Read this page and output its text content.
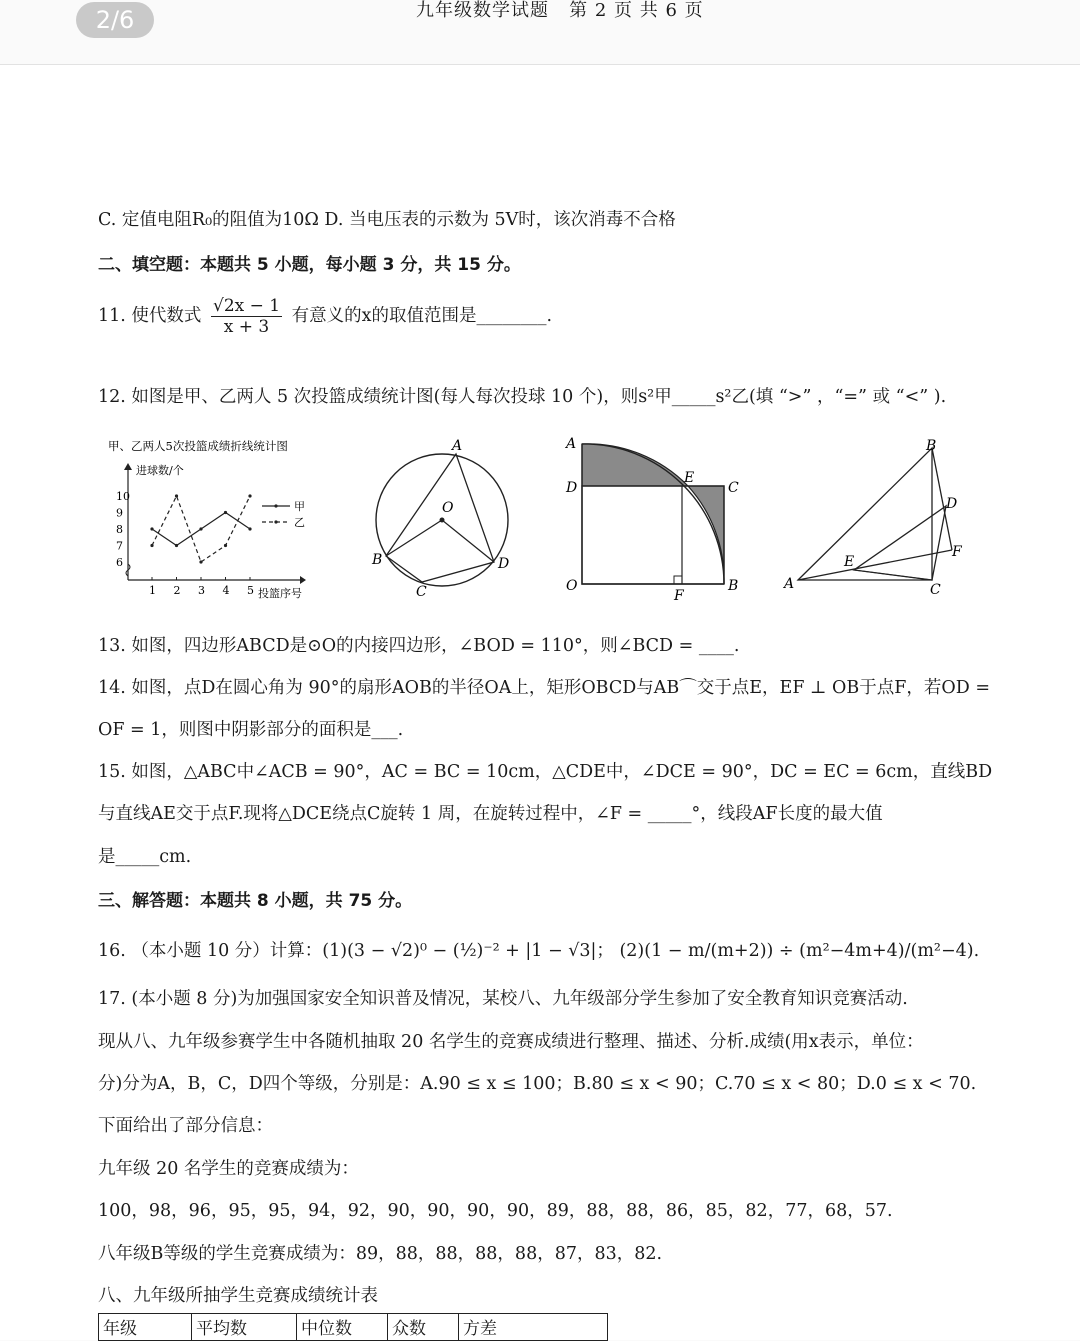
2/6	九年级数学试题   第 2 页 共 6 页
C. 定值电阻R₀的阻值为10Ω D. 当电压表的示数为 5V时，该次消毒不合格
二、填空题：本题共 5 小题，每小题 3 分，共 15 分。
11. 使代数式 $\frac{√2x - 1}{x + 3}$ 有意义的x的取值范围是________.
12. 如图是甲、乙两人 5 次投篮成绩统计图(每人每次投球 10 个)，则s²甲_____s²乙(填 “>” ，“=” 或 “<” ).
甲、乙两人5次投篮成绩折线统计图
进球数/个
投篮序号
6
7
8
9
10
1 2 3 4 5
甲
乙
A
O
B
C
D
A
E
C
D
O
F
B
B
D
F
E
A	C
13. 如图，四边形ABCD是⊙O的内接四边形，∠BOD = 110°，则∠BCD = ____.
14. 如图，点D在圆心角为 90°的扇形AOB的半径OA上，矩形OBCD与AB⌒交于点E，EF ⊥ OB于点F，若OD =
OF = 1，则图中阴影部分的面积是___.
15. 如图，△ABC中∠ACB = 90°，AC = BC = 10cm，△CDE中，∠DCE = 90°，DC = EC = 6cm，直线BD
与直线AE交于点F.现将△DCE绕点C旋转 1 周，在旋转过程中，∠F = _____°，线段AF长度的最大值
是_____cm.
三、解答题：本题共 8 小题，共 75 分。
16. （本小题 10 分）计算：(1)(3 − √2)⁰ − (½)⁻² + |1 − √3|； (2)(1 − m/(m+2)) ÷ (m²−4m+4)/(m²−4).
17. (本小题 8 分)为加强国家安全知识普及情况，某校八、九年级部分学生参加了安全教育知识竞赛活动.
现从八、九年级参赛学生中各随机抽取 20 名学生的竞赛成绩进行整理、描述、分析.成绩(用x表示，单位：
分)分为A，B，C，D四个等级，分别是：A.90 ≤ x ≤ 100；B.80 ≤ x < 90；C.70 ≤ x < 80；D.0 ≤ x < 70.
下面给出了部分信息：
九年级 20 名学生的竞赛成绩为：
100，98，96，95，95，94，92，90，90，90，90，89，88，88，86，85，82，77，68，57.
八年级B等级的学生竞赛成绩为：89，88，88，88，88，87，83，82.
八、九年级所抽学生竞赛成绩统计表
年级	平均数	中位数	众数	方差
